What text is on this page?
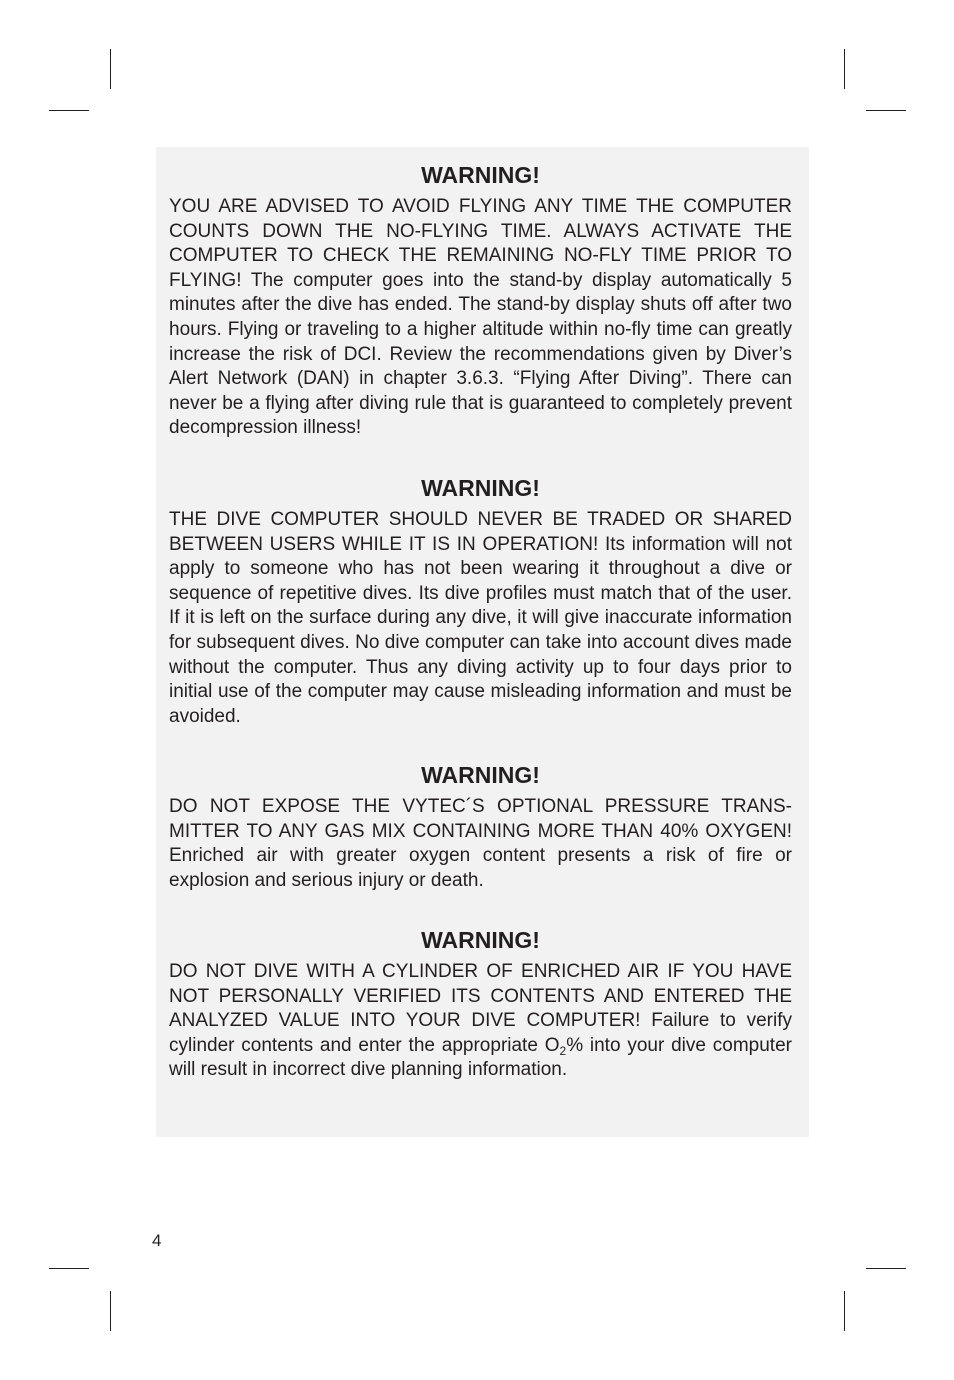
WARNING!

YOU ARE ADVISED TO AVOID FLYING ANY TIME THE COMPUTER COUNTS DOWN THE NO-FLYING TIME. ALWAYS ACTIVATE THE COMPUTER TO CHECK THE REMAINING NO-FLY TIME PRIOR TO FLYING! The computer goes into the stand-by display automatically 5 minutes after the dive has ended. The stand-by display shuts off after two hours. Flying or traveling to a higher altitude within no-fly time can greatly increase the risk of DCI. Review the recommendations given by Diver’s Alert Network (DAN) in chapter 3.6.3. “Flying After Diving”. There can never be a flying after diving rule that is guaranteed to completely prevent decompression illness!

WARNING!

THE DIVE COMPUTER SHOULD NEVER BE TRADED OR SHARED BETWEEN USERS WHILE IT IS IN OPERATION! Its information will not apply to someone who has not been wearing it throughout a dive or sequence of repetitive dives. Its dive profiles must match that of the user. If it is left on the surface during any dive, it will give inaccurate information for subsequent dives. No dive computer can take into account dives made without the computer. Thus any diving activity up to four days prior to initial use of the computer may cause misleading information and must be avoided.

WARNING!

DO NOT EXPOSE THE VYTEC´S OPTIONAL PRESSURE TRANSMITTER TO ANY GAS MIX CONTAINING MORE THAN 40% OXYGEN! Enriched air with greater oxygen content presents a risk of fire or explosion and serious injury or death.

WARNING!

DO NOT DIVE WITH A CYLINDER OF ENRICHED AIR IF YOU HAVE NOT PERSONALLY VERIFIED ITS CONTENTS AND ENTERED THE ANALYZED VALUE INTO YOUR DIVE COMPUTER! Failure to verify cylinder contents and enter the appropriate $O_2\%$ into your dive computer will result in incorrect dive planning information.

4
